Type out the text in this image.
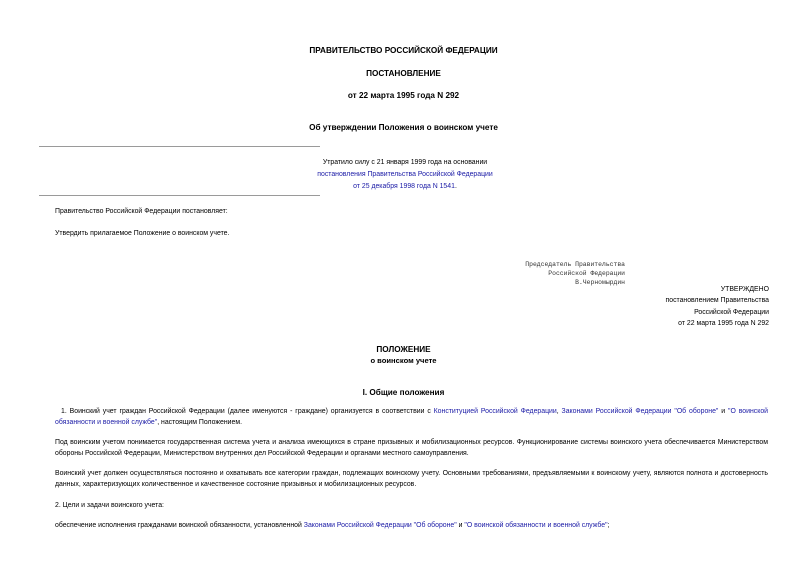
ПРАВИТЕЛЬСТВО РОССИЙСКОЙ ФЕДЕРАЦИИ
ПОСТАНОВЛЕНИЕ
от 22 марта 1995 года N 292
Об утверждении Положения о воинском учете
Утратило силу с 21 января 1999 года на основании
постановления Правительства Российской Федерации
от 25 декабря 1998 года N 1541.
Правительство Российской Федерации постановляет:
Утвердить прилагаемое Положение о воинском учете.
Председатель Правительства
Российской Федерации
В.Черномырдин
УТВЕРЖДЕНО
постановлением Правительства
Российской Федерации
от 22 марта 1995 года N 292
ПОЛОЖЕНИЕ
о воинском учете
I. Общие положения
1. Воинский учет граждан Российской Федерации (далее именуются - граждане) организуется в соответствии с Конституцией Российской Федерации, Законами Российской Федерации "Об обороне" и "О воинской обязанности и военной службе", настоящим Положением.
Под воинским учетом понимается государственная система учета и анализа имеющихся в стране призывных и мобилизационных ресурсов. Функционирование системы воинского учета обеспечивается Министерством обороны Российской Федерации, Министерством внутренних дел Российской Федерации и органами местного самоуправления.
Воинский учет должен осуществляться постоянно и охватывать все категории граждан, подлежащих воинскому учету. Основными требованиями, предъявляемыми к воинскому учету, являются полнота и достоверность данных, характеризующих количественное и качественное состояние призывных и мобилизационных ресурсов.
2. Цели и задачи воинского учета:
обеспечение исполнения гражданами воинской обязанности, установленной Законами Российской Федерации "Об обороне" и "О воинской обязанности и военной службе";
